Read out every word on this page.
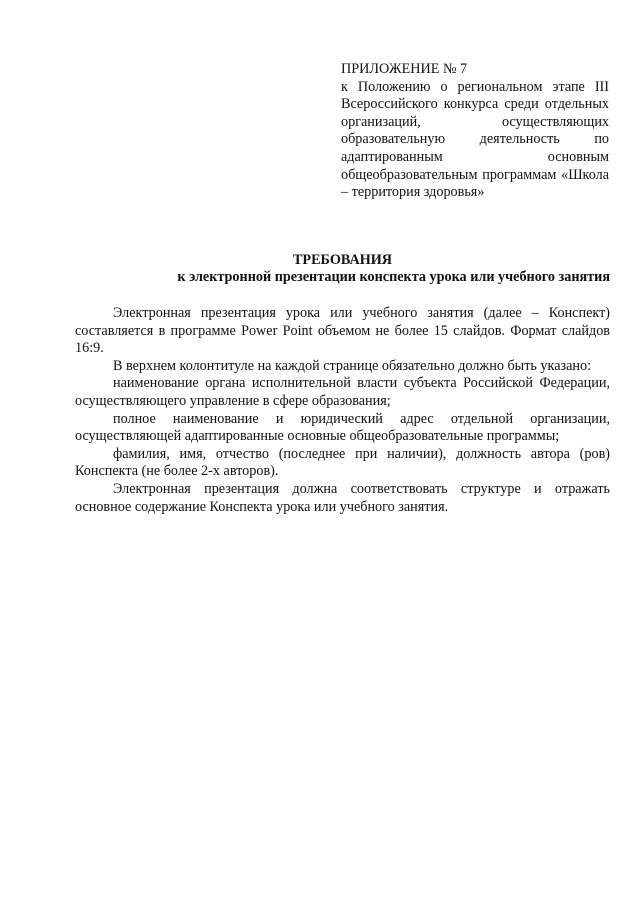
ПРИЛОЖЕНИЕ № 7

к Положению о региональном этапе III Всероссийского конкурса среди отдельных организаций, осуществляющих образовательную деятельность по адаптированным основным общеобразовательным программам «Школа – территория здоровья»

ТРЕБОВАНИЯ
к электронной презентации конспекта урока или учебного занятия

Электронная презентация урока или учебного занятия (далее – Конспект) составляется в программе Power Point объемом не более 15 слайдов. Формат слайдов 16:9.

В верхнем колонтитуле на каждой странице обязательно должно быть указано:

наименование органа исполнительной власти субъекта Российской Федерации, осуществляющего управление в сфере образования;

полное наименование и юридический адрес отдельной организации, осуществляющей адаптированные основные общеобразовательные программы;

фамилия, имя, отчество (последнее при наличии), должность автора (ров) Конспекта (не более 2-х авторов).

Электронная презентация должна соответствовать структуре и отражать основное содержание Конспекта урока или учебного занятия.
